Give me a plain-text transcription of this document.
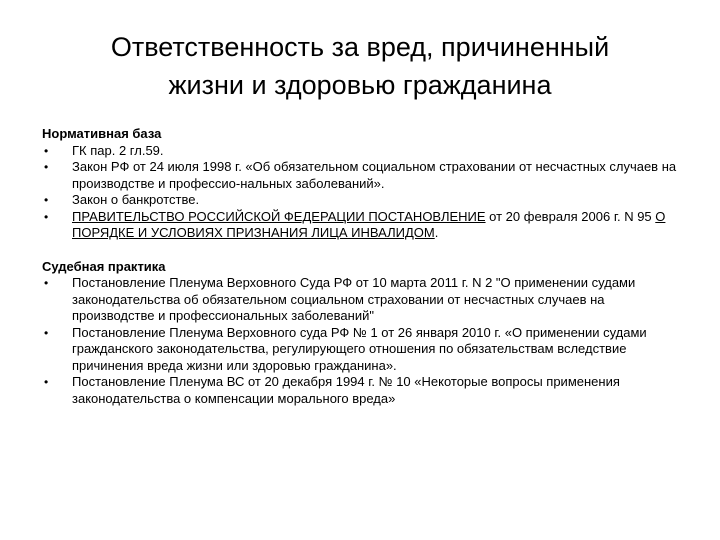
Ответственность за вред, причиненный
жизни и здоровью гражданина

Нормативная база

• ГК пар. 2 гл.59.
• Закон РФ от 24 июля 1998 г. «Об обязательном социальном страховании от несчастных случаев на производстве и профессио-нальных заболеваний».
• Закон о банкротстве.
• ПРАВИТЕЛЬСТВО РОССИЙСКОЙ ФЕДЕРАЦИИ ПОСТАНОВЛЕНИЕ от 20 февраля 2006 г. N 95 О ПОРЯДКЕ И УСЛОВИЯХ ПРИЗНАНИЯ ЛИЦА ИНВАЛИДОМ.

Судебная практика

• Постановление Пленума Верховного Суда РФ от 10 марта 2011 г. N 2 "О применении судами законодательства об обязательном социальном страховании от несчастных случаев на производстве и профессиональных заболеваний"
• Постановление Пленума Верховного суда РФ № 1 от 26 января 2010 г. «О применении судами гражданского законодательства, регулирующего отношения по обязательствам вследствие причинения вреда жизни или здоровью гражданина».
• Постановление Пленума ВС от 20 декабря 1994 г. № 10 «Некоторые вопросы применения законодательства о компенсации морального вреда»
